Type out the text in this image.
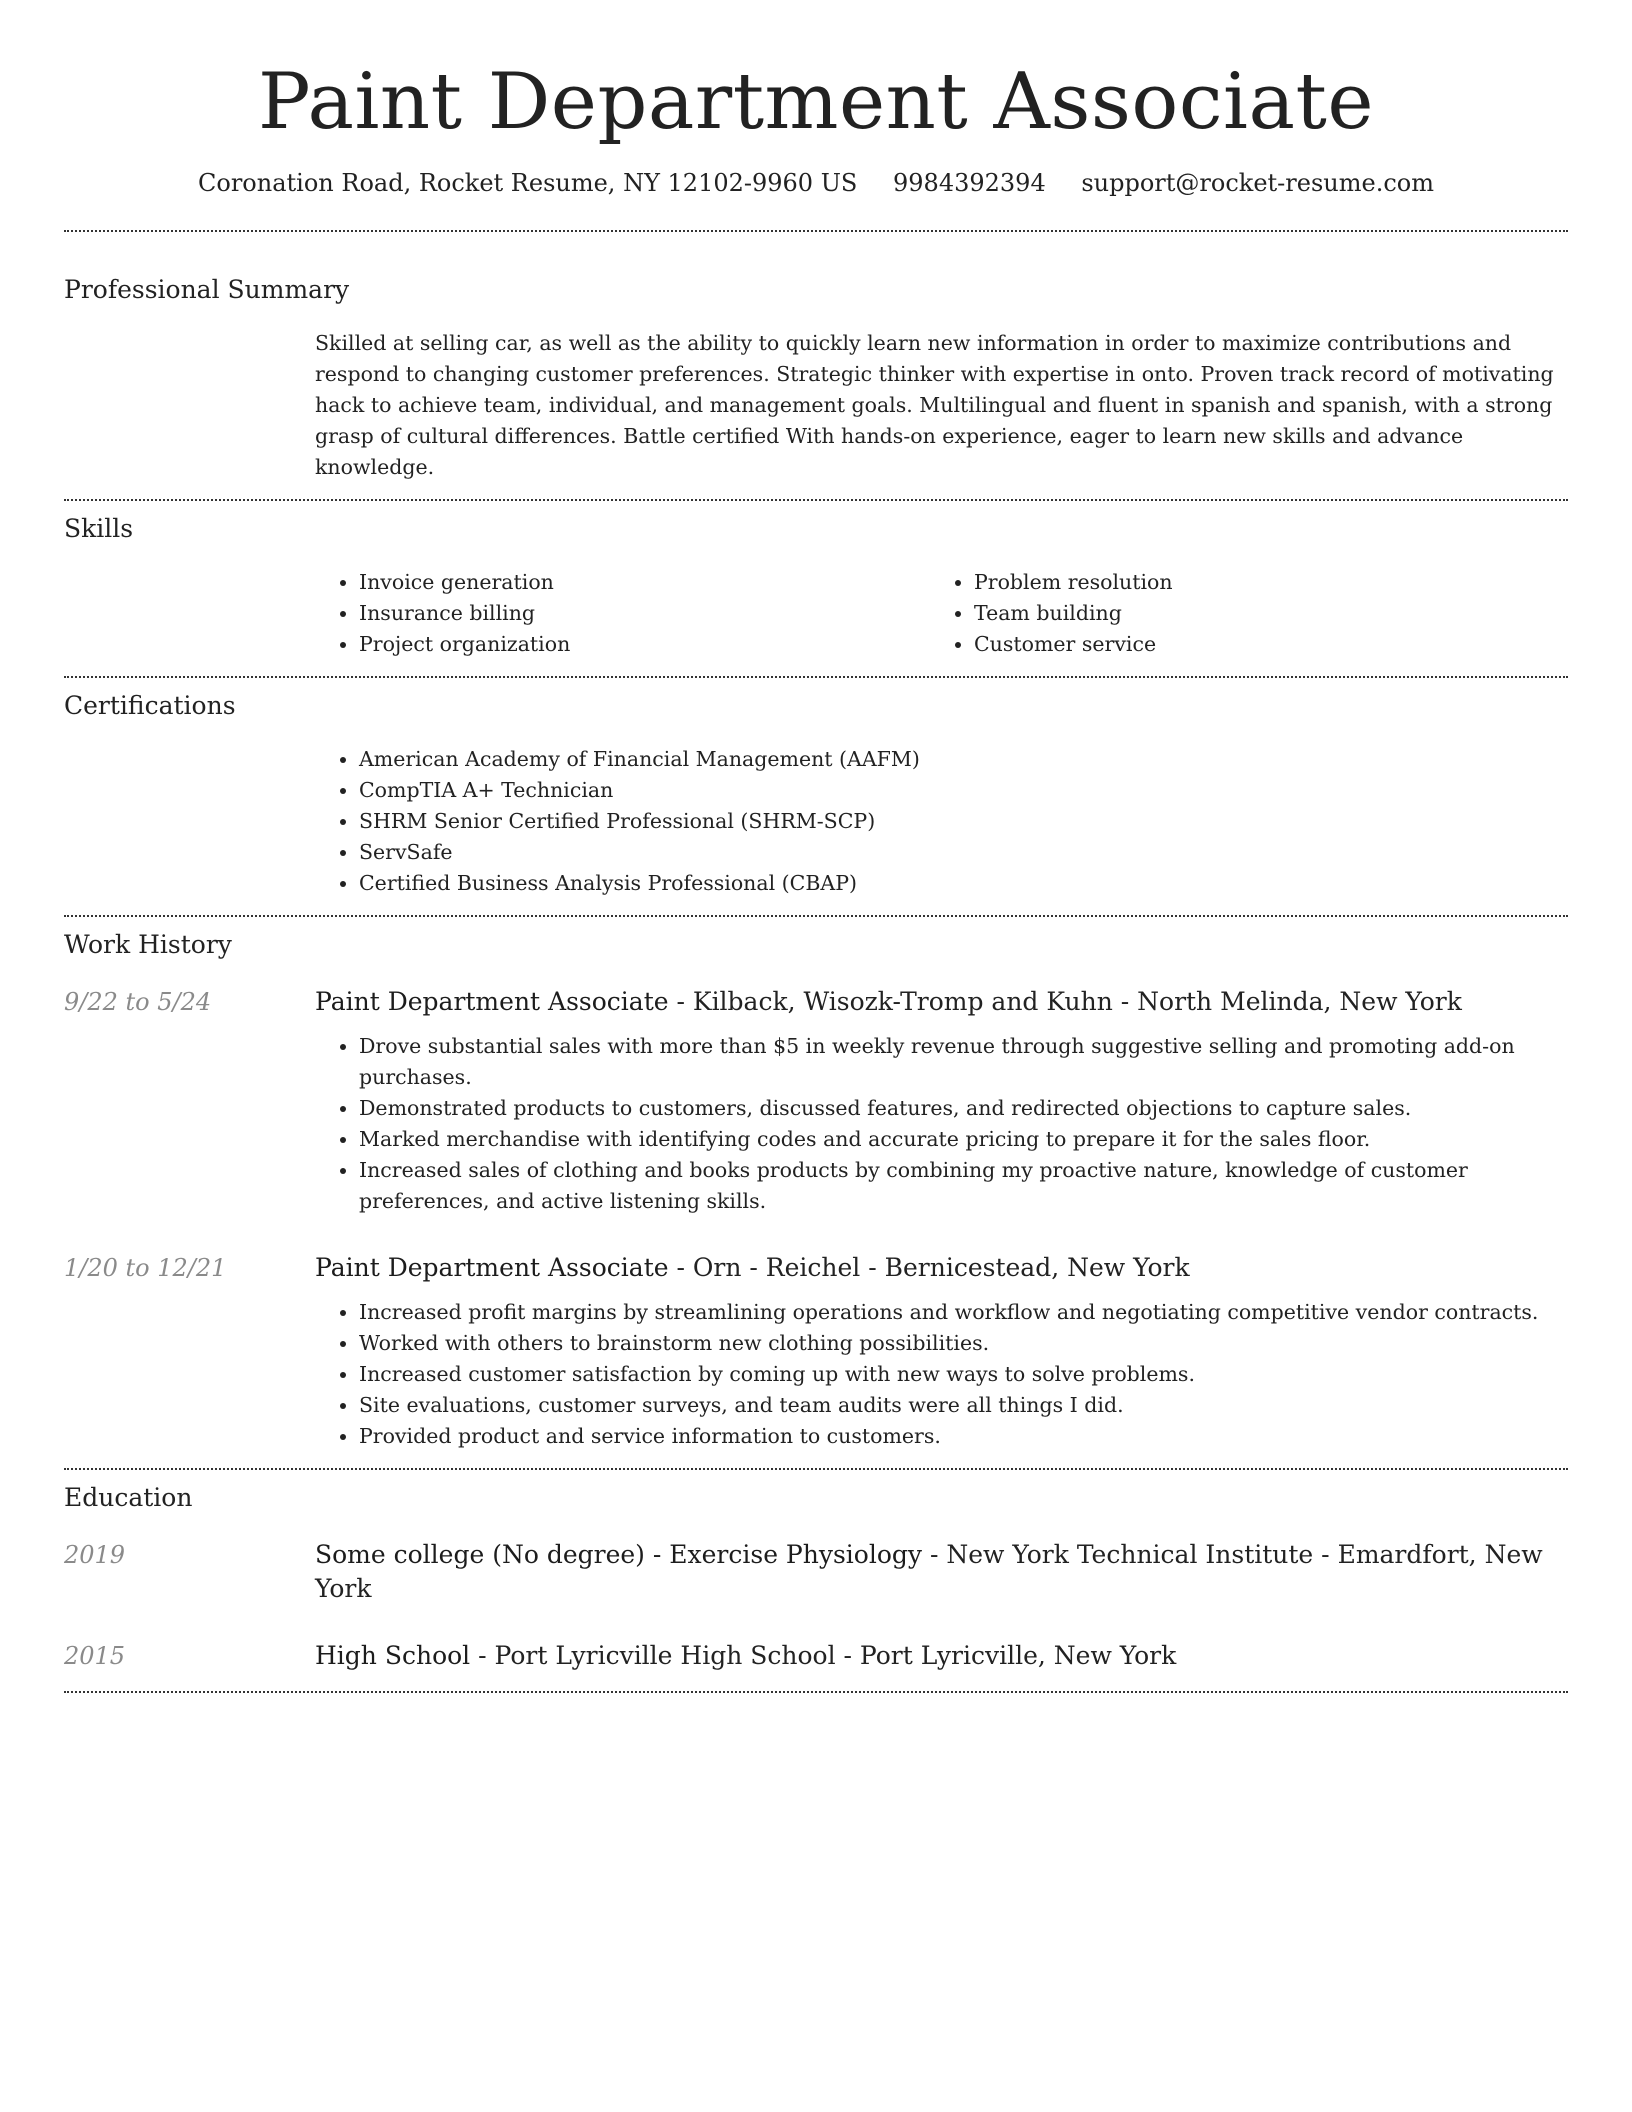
Paint Department Associate
Coronation Road, Rocket Resume, NY 12102-9960 US 9984392394 support@rocket-resume.com
Professional Summary
Skilled at selling car, as well as the ability to quickly learn new information in order to maximize contributions and respond to changing customer preferences. Strategic thinker with expertise in onto. Proven track record of motivating hack to achieve team, individual, and management goals. Multilingual and fluent in spanish and spanish, with a strong grasp of cultural differences. Battle certified With hands-on experience, eager to learn new skills and advance knowledge.
Skills
• Invoice generation
• Insurance billing
• Project organization
• Problem resolution
• Team building
• Customer service
Certifications
• American Academy of Financial Management (AAFM)
• CompTIA A+ Technician
• SHRM Senior Certified Professional (SHRM-SCP)
• ServSafe
• Certified Business Analysis Professional (CBAP)
Work History
9/22 to 5/24	Paint Department Associate - Kilback, Wisozk-Tromp and Kuhn - North Melinda, New York
• Drove substantial sales with more than $5 in weekly revenue through suggestive selling and promoting add-on purchases.
• Demonstrated products to customers, discussed features, and redirected objections to capture sales.
• Marked merchandise with identifying codes and accurate pricing to prepare it for the sales floor.
• Increased sales of clothing and books products by combining my proactive nature, knowledge of customer preferences, and active listening skills.
1/20 to 12/21	Paint Department Associate - Orn - Reichel - Bernicestead, New York
• Increased profit margins by streamlining operations and workflow and negotiating competitive vendor contracts.
• Worked with others to brainstorm new clothing possibilities.
• Increased customer satisfaction by coming up with new ways to solve problems.
• Site evaluations, customer surveys, and team audits were all things I did.
• Provided product and service information to customers.
Education
2019	Some college (No degree) - Exercise Physiology - New York Technical Institute - Emardfort, New York
2015	High School - Port Lyricville High School - Port Lyricville, New York
